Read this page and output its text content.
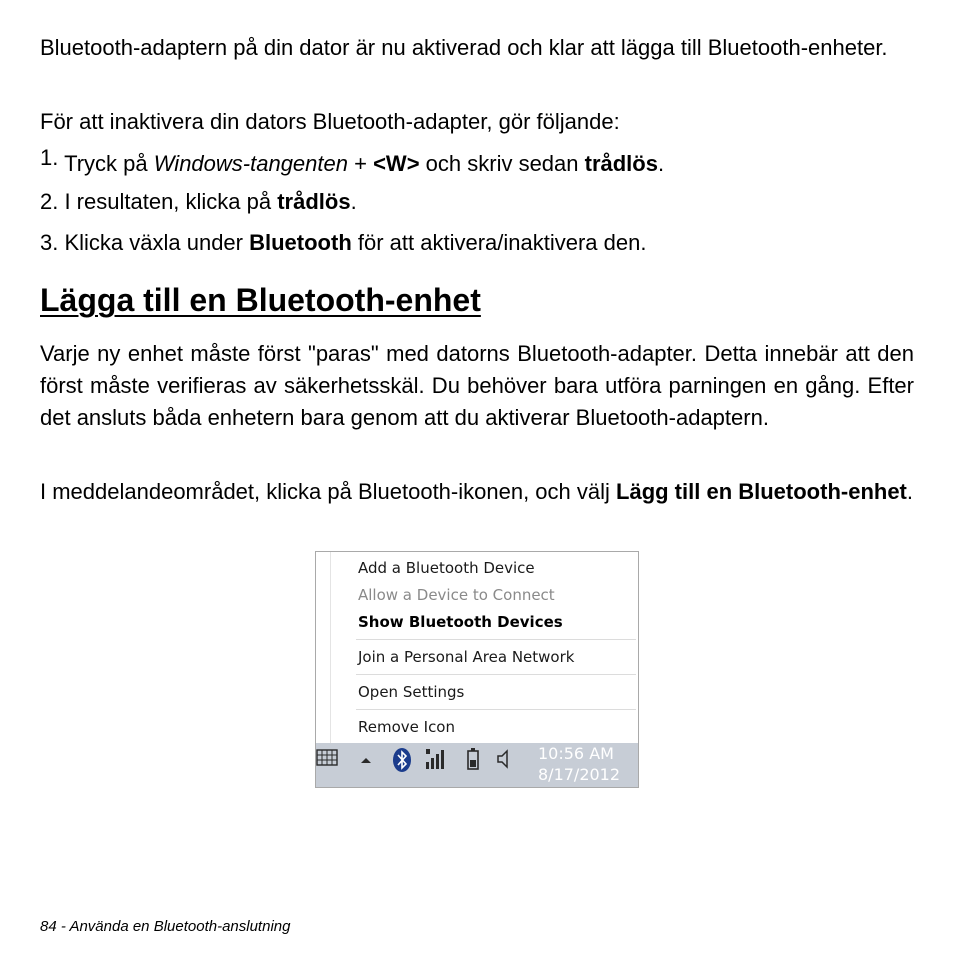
Bluetooth-adaptern på din dator är nu aktiverad och klar att lägga till Bluetooth-enheter.

För att inaktivera din dators Bluetooth-adapter, gör följande:

1. Tryck på Windows-tangenten + <W> och skriv sedan trådlös.

2. I resultaten, klicka på trådlös.

3. Klicka växla under Bluetooth för att aktivera/inaktivera den.

Lägga till en Bluetooth-enhet

Varje ny enhet måste först "paras" med datorns Bluetooth-adapter. Detta innebär att den först måste verifieras av säkerhetsskäl. Du behöver bara utföra parningen en gång. Efter det ansluts båda enhetern bara genom att du aktiverar Bluetooth-adaptern.

I meddelandeområdet, klicka på Bluetooth-ikonen, och välj Lägg till en Bluetooth-enhet.

Add a Bluetooth Device
Allow a Device to Connect
Show Bluetooth Devices
Join a Personal Area Network
Open Settings
Remove Icon
10:56 AM
8/17/2012
84 - Använda en Bluetooth-anslutning
